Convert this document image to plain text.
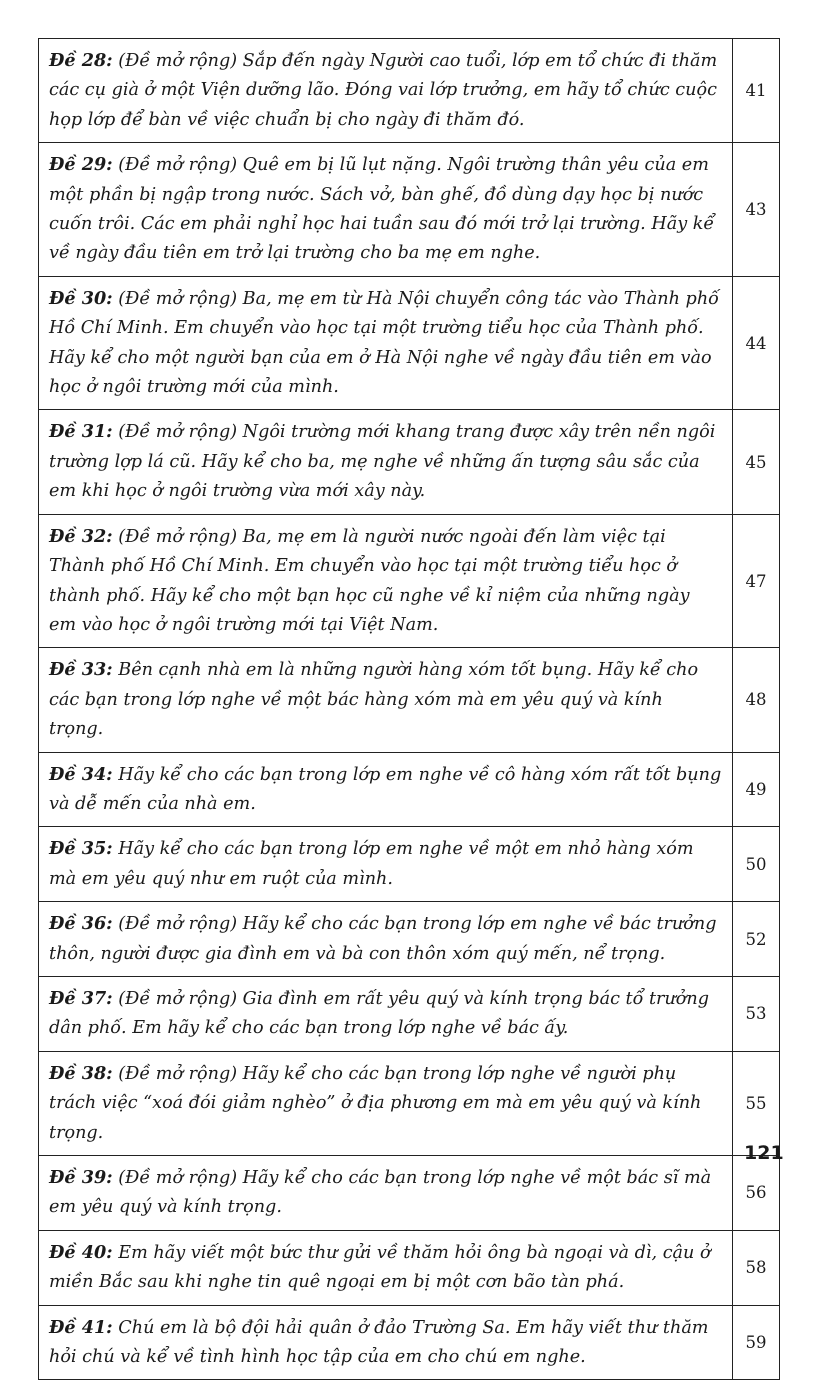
Đề 28: (Đề mở rộng) Sắp đến ngày Người cao tuổi, lớp em tổ chức đi thăm các cụ già ở một Viện dưỡng lão. Đóng vai lớp trưởng, em hãy tổ chức cuộc họp lớp để bàn về việc chuẩn bị cho ngày đi thăm đó.	41
Đề 29: (Đề mở rộng) Quê em bị lũ lụt nặng. Ngôi trường thân yêu của em một phần bị ngập trong nước. Sách vở, bàn ghế, đồ dùng dạy học bị nước cuốn trôi. Các em phải nghỉ học hai tuần sau đó mới trở lại trường. Hãy kể về ngày đầu tiên em trở lại trường cho ba mẹ em nghe.	43
Đề 30: (Đề mở rộng) Ba, mẹ em từ Hà Nội chuyển công tác vào Thành phố Hồ Chí Minh. Em chuyển vào học tại một trường tiểu học của Thành phố. Hãy kể cho một người bạn của em ở Hà Nội nghe về ngày đầu tiên em vào học ở ngôi trường mới của mình.	44
Đề 31: (Đề mở rộng) Ngôi trường mới khang trang được xây trên nền ngôi trường lợp lá cũ. Hãy kể cho ba, mẹ nghe về những ấn tượng sâu sắc của em khi học ở ngôi trường vừa mới xây này.	45
Đề 32: (Đề mở rộng) Ba, mẹ em là người nước ngoài đến làm việc tại Thành phố Hồ Chí Minh. Em chuyển vào học tại một trường tiểu học ở thành phố. Hãy kể cho một bạn học cũ nghe về kỉ niệm của những ngày em vào học ở ngôi trường mới tại Việt Nam.	47
Đề 33: Bên cạnh nhà em là những người hàng xóm tốt bụng. Hãy kể cho các bạn trong lớp nghe về một bác hàng xóm mà em yêu quý và kính trọng.	48
Đề 34: Hãy kể cho các bạn trong lớp em nghe về cô hàng xóm rất tốt bụng và dễ mến của nhà em.	49
Đề 35: Hãy kể cho các bạn trong lớp em nghe về một em nhỏ hàng xóm mà em yêu quý như em ruột của mình.	50
Đề 36: (Đề mở rộng) Hãy kể cho các bạn trong lớp em nghe về bác trưởng thôn, người được gia đình em và bà con thôn xóm quý mến, nể trọng.	52
Đề 37: (Đề mở rộng) Gia đình em rất yêu quý và kính trọng bác tổ trưởng dân phố. Em hãy kể cho các bạn trong lớp nghe về bác ấy.	53
Đề 38: (Đề mở rộng) Hãy kể cho các bạn trong lớp nghe về người phụ trách việc “xoá đói giảm nghèo” ở địa phương em mà em yêu quý và kính trọng.	55
Đề 39: (Đề mở rộng) Hãy kể cho các bạn trong lớp nghe về một bác sĩ mà em yêu quý và kính trọng.	56
Đề 40: Em hãy viết một bức thư gửi về thăm hỏi ông bà ngoại và dì, cậu ở miền Bắc sau khi nghe tin quê ngoại em bị một cơn bão tàn phá.	58
Đề 41: Chú em là bộ đội hải quân ở đảo Trường Sa. Em hãy viết thư thăm hỏi chú và kể về tình hình học tập của em cho chú em nghe.	59
121
